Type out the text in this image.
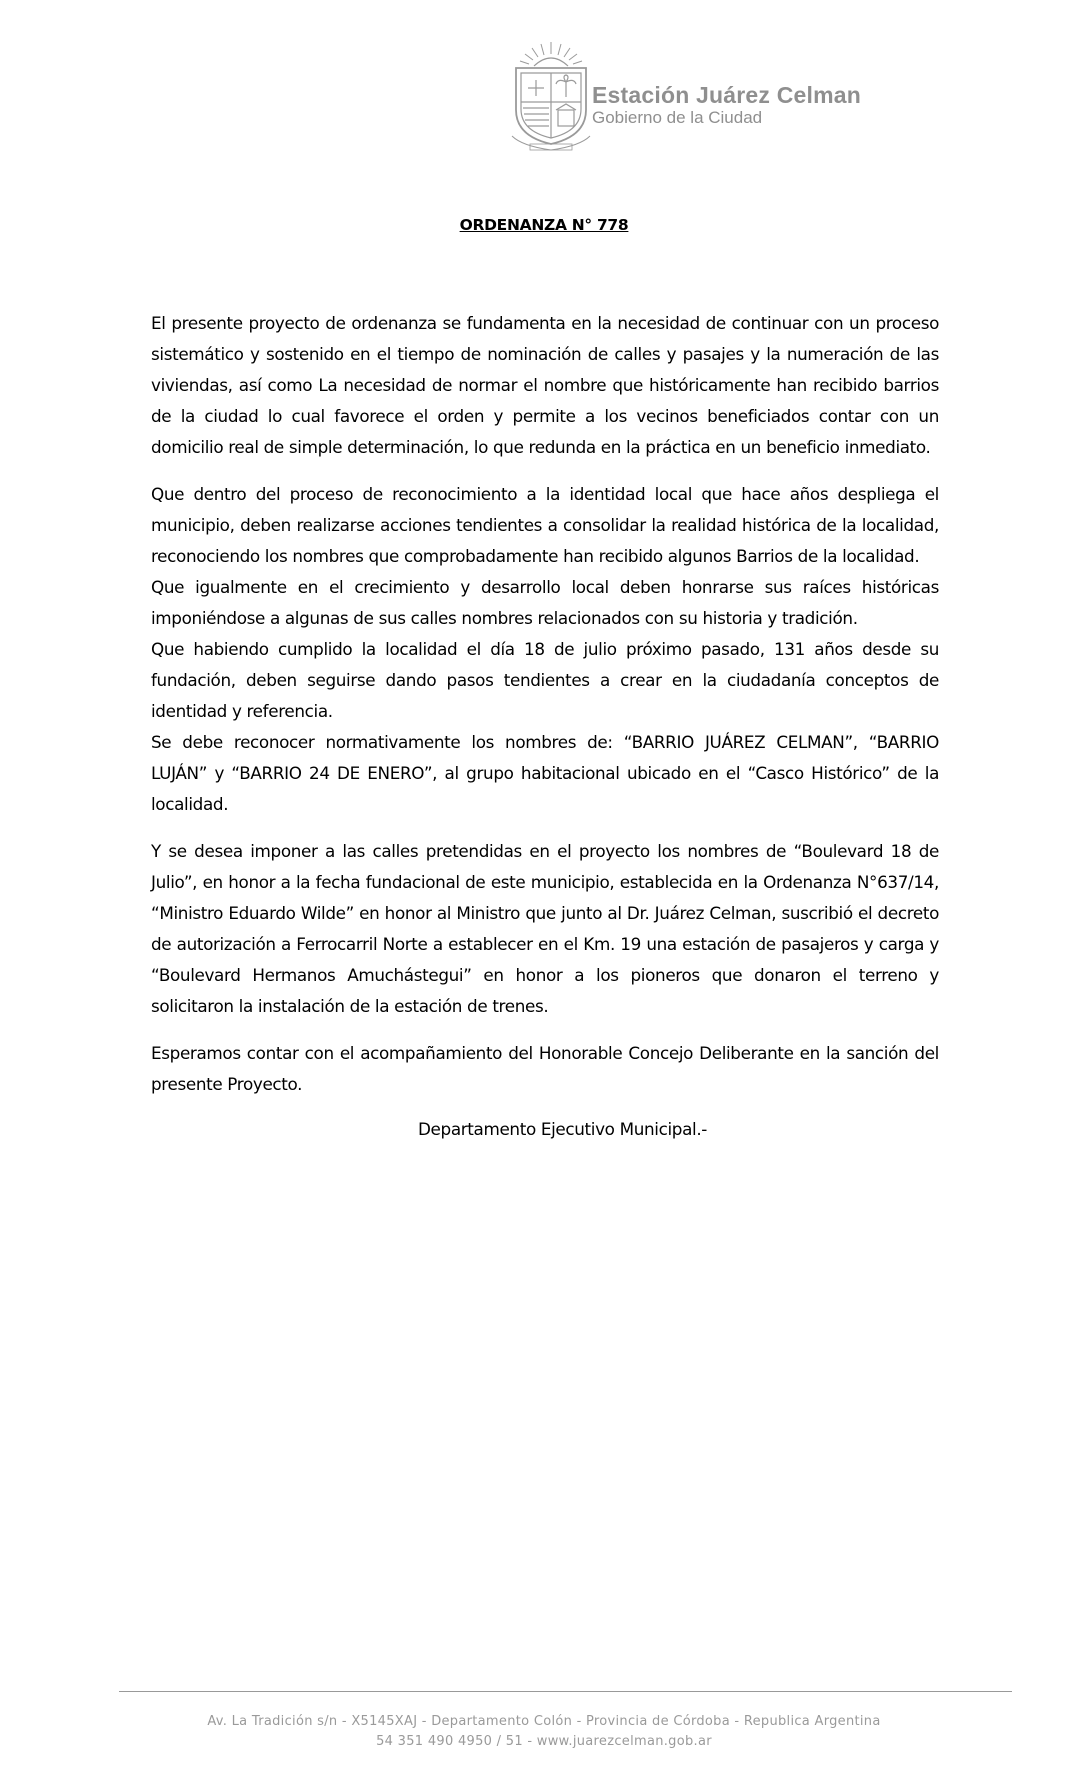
Estación Juárez Celman
Gobierno de la Ciudad
ORDENANZA N° 778

El presente proyecto de ordenanza se fundamenta en la necesidad de continuar con un proceso sistemático y sostenido en el tiempo de nominación de calles y pasajes y la numeración de las viviendas, así como La necesidad de normar el nombre que históricamente han recibido barrios de la ciudad lo cual favorece el orden y permite a los vecinos beneficiados contar con un domicilio real de simple determinación, lo que redunda en la práctica en un beneficio inmediato.

Que dentro del proceso de reconocimiento a la identidad local que hace años despliega el municipio, deben realizarse acciones tendientes a consolidar la realidad histórica de la localidad, reconociendo los nombres que comprobadamente han recibido algunos Barrios de la localidad.

Que igualmente en el crecimiento y desarrollo local deben honrarse sus raíces históricas imponiéndose a algunas de sus calles nombres relacionados con su historia y tradición.

Que habiendo cumplido la localidad el día 18 de julio próximo pasado, 131 años desde su fundación, deben seguirse dando pasos tendientes a crear en la ciudadanía conceptos de identidad y referencia.

Se debe reconocer normativamente los nombres de: “BARRIO JUÁREZ CELMAN”, “BARRIO LUJÁN” y “BARRIO 24 DE ENERO”, al grupo habitacional ubicado en el “Casco Histórico” de la localidad.

Y se desea imponer a las calles pretendidas en el proyecto los nombres de “Boulevard 18 de Julio”, en honor a la fecha fundacional de este municipio, establecida en la Ordenanza N°637/14, “Ministro Eduardo Wilde” en honor al Ministro que junto al Dr. Juárez Celman, suscribió el decreto de autorización a Ferrocarril Norte a establecer en el Km. 19 una estación de pasajeros y carga y “Boulevard Hermanos Amuchástegui” en honor a los pioneros que donaron el terreno y solicitaron la instalación de la estación de trenes.

Esperamos contar con el acompañamiento del Honorable Concejo Deliberante en la sanción del presente Proyecto.

Departamento Ejecutivo Municipal.-

Av. La Tradición s/n - X5145XAJ - Departamento Colón - Provincia de Córdoba - Republica Argentina
54 351 490 4950 / 51 - www.juarezcelman.gob.ar
